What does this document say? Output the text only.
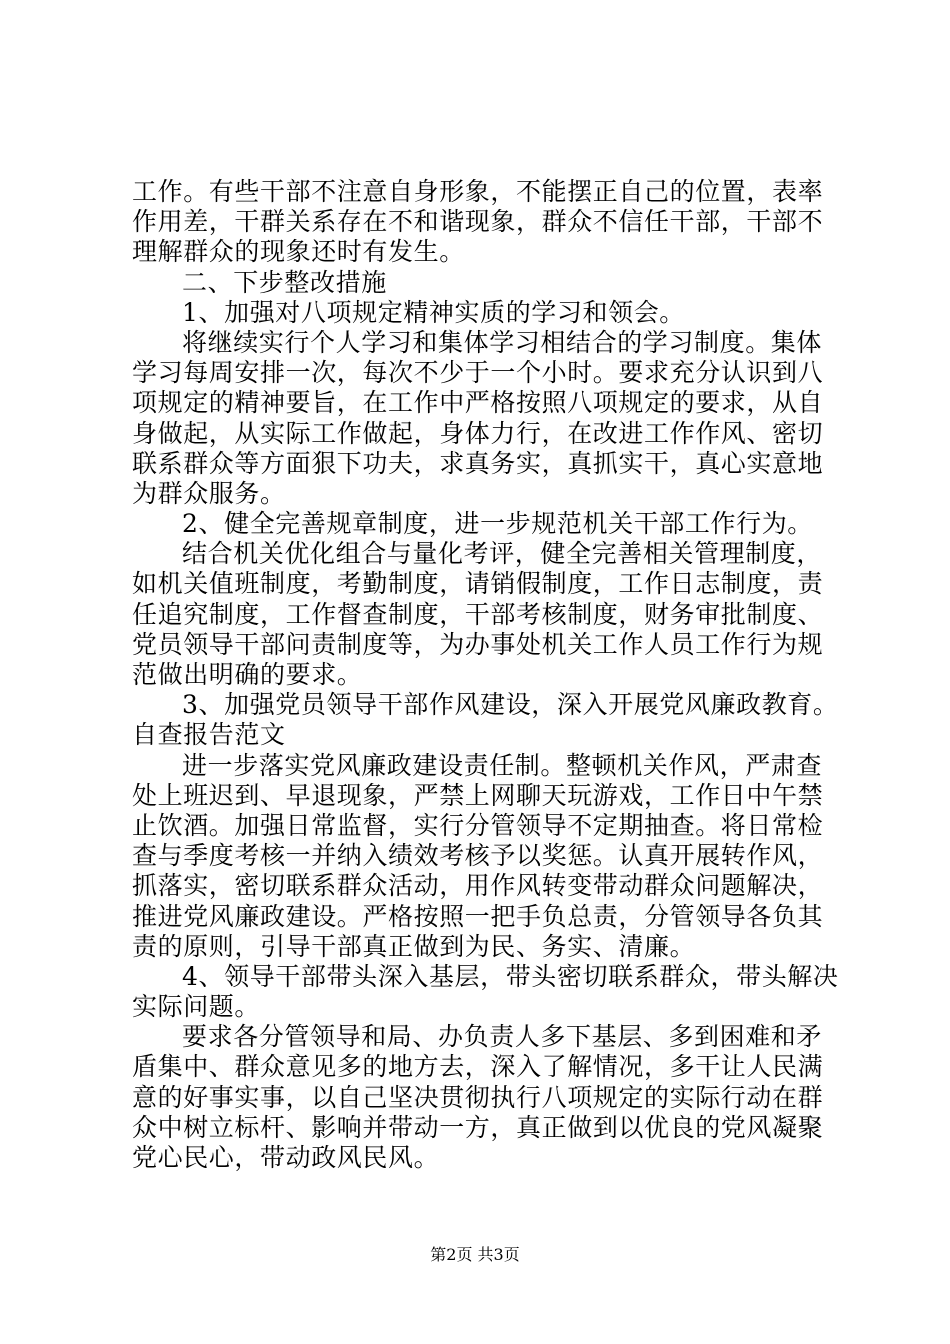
工作。有些干部不注意自身形象，不能摆正自己的位置，表率
作用差，干群关系存在不和谐现象，群众不信任干部，干部不
理解群众的现象还时有发生。
二、下步整改措施
1、加强对八项规定精神实质的学习和领会。
将继续实行个人学习和集体学习相结合的学习制度。集体
学习每周安排一次，每次不少于一个小时。要求充分认识到八
项规定的精神要旨，在工作中严格按照八项规定的要求，从自
身做起，从实际工作做起，身体力行，在改进工作作风、密切
联系群众等方面狠下功夫，求真务实，真抓实干，真心实意地
为群众服务。
2、健全完善规章制度，进一步规范机关干部工作行为。
结合机关优化组合与量化考评，健全完善相关管理制度，
如机关值班制度，考勤制度，请销假制度，工作日志制度，责
任追究制度，工作督查制度，干部考核制度，财务审批制度、
党员领导干部问责制度等，为办事处机关工作人员工作行为规
范做出明确的要求。
3、加强党员领导干部作风建设，深入开展党风廉政教育。
自查报告范文
进一步落实党风廉政建设责任制。整顿机关作风，严肃查
处上班迟到、早退现象，严禁上网聊天玩游戏，工作日中午禁
止饮酒。加强日常监督，实行分管领导不定期抽查。将日常检
查与季度考核一并纳入绩效考核予以奖惩。认真开展转作风，
抓落实，密切联系群众活动，用作风转变带动群众问题解决，
推进党风廉政建设。严格按照一把手负总责，分管领导各负其
责的原则，引导干部真正做到为民、务实、清廉。
4、领导干部带头深入基层，带头密切联系群众，带头解决
实际问题。
要求各分管领导和局、办负责人多下基层、多到困难和矛
盾集中、群众意见多的地方去，深入了解情况，多干让人民满
意的好事实事，以自己坚决贯彻执行八项规定的实际行动在群
众中树立标杆、影响并带动一方，真正做到以优良的党风凝聚
党心民心，带动政风民风。
第2页 共3页
